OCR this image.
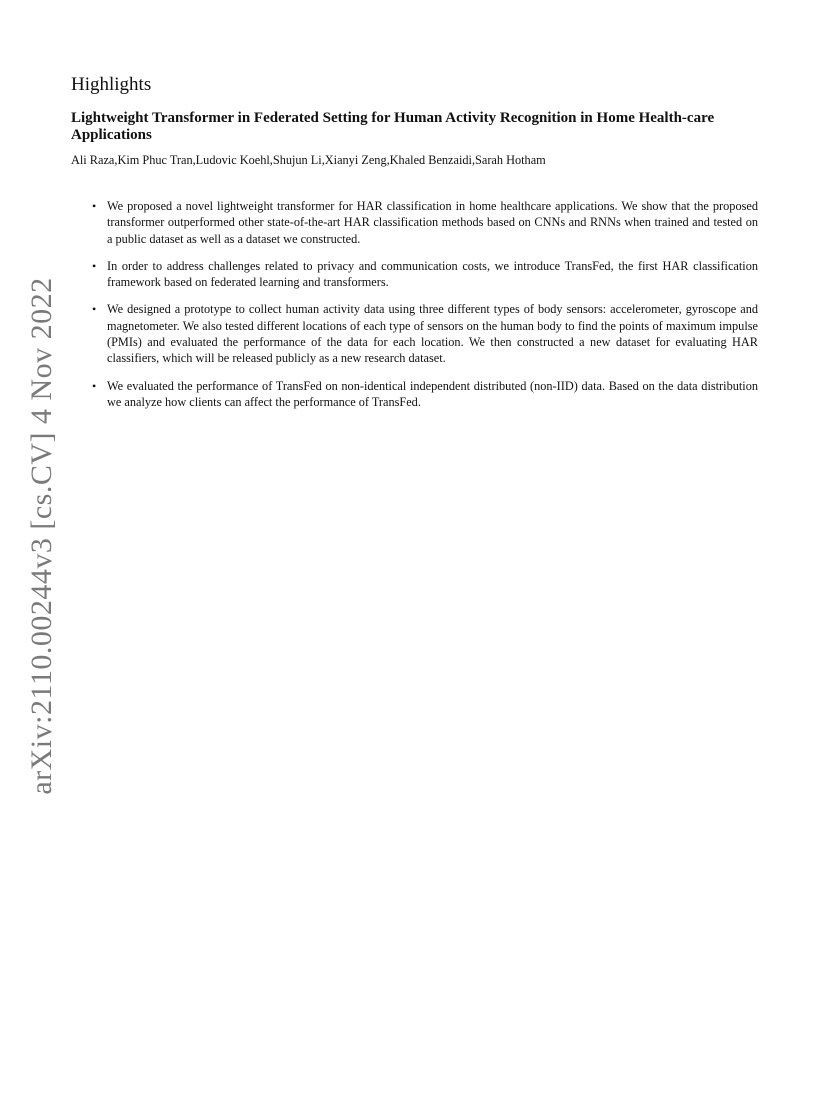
arXiv:2110.00244v3 [cs.CV] 4 Nov 2022
Highlights
Lightweight Transformer in Federated Setting for Human Activity Recognition in Home Health-care Applications

Ali Raza,Kim Phuc Tran,Ludovic Koehl,Shujun Li,Xianyi Zeng,Khaled Benzaidi,Sarah Hotham

• We proposed a novel lightweight transformer for HAR classification in home healthcare applications. We show that the proposed transformer outperformed other state-of-the-art HAR classification methods based on CNNs and RNNs when trained and tested on a public dataset as well as a dataset we constructed.
• In order to address challenges related to privacy and communication costs, we introduce TransFed, the first HAR classification framework based on federated learning and transformers.
• We designed a prototype to collect human activity data using three different types of body sensors: accelerometer, gyroscope and magnetometer. We also tested different locations of each type of sensors on the human body to find the points of maximum impulse (PMIs) and evaluated the performance of the data for each location. We then constructed a new dataset for evaluating HAR classifiers, which will be released publicly as a new research dataset.
• We evaluated the performance of TransFed on non-identical independent distributed (non-IID) data. Based on the data distribution we analyze how clients can affect the performance of TransFed.
